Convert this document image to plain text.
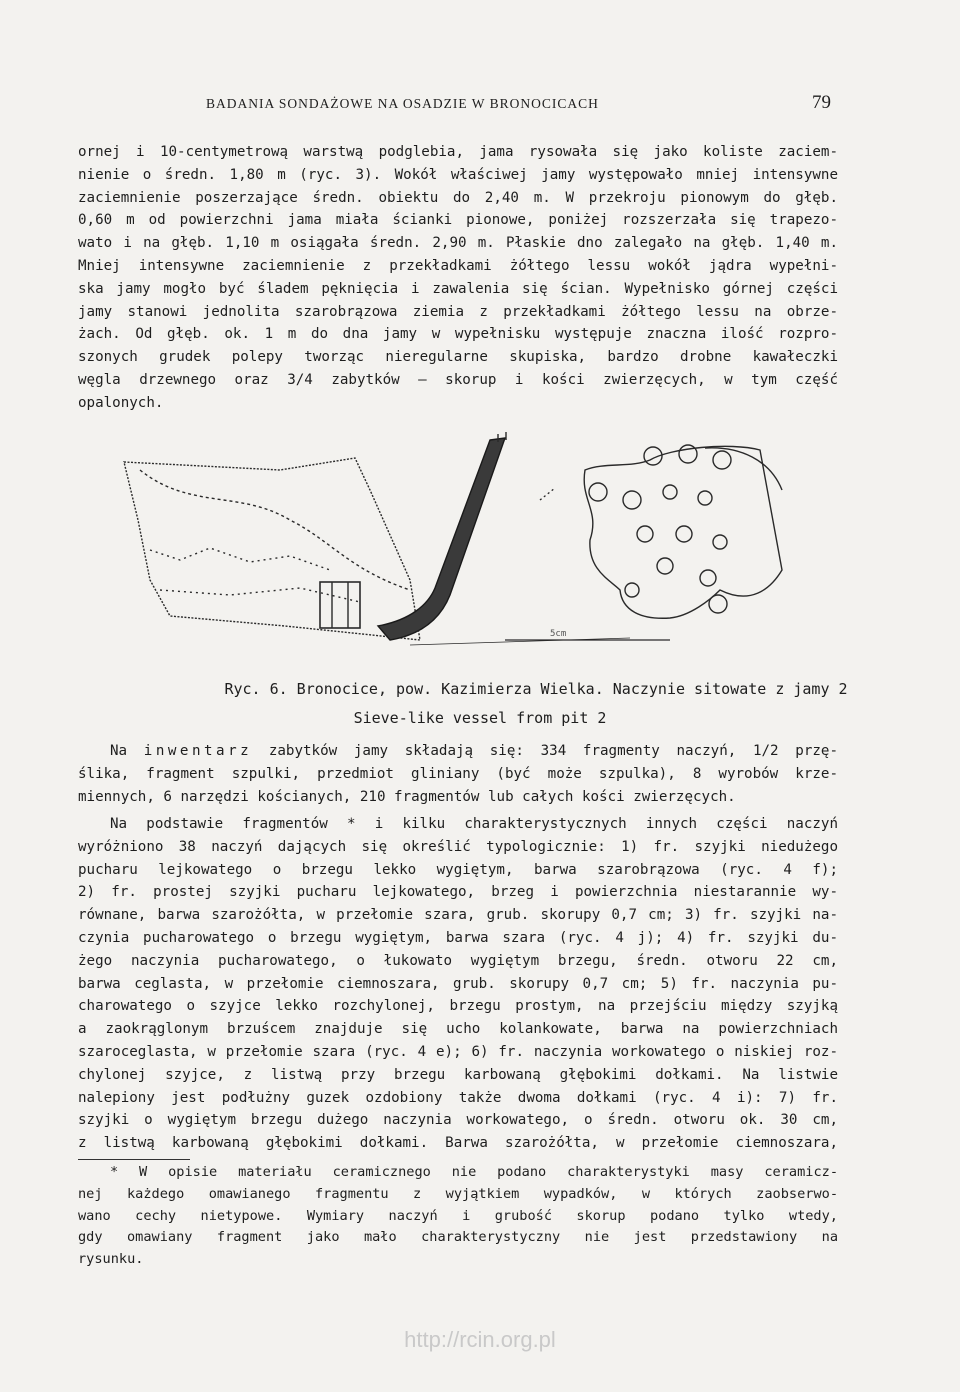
BADANIA SONDAŻOWE NA OSADZIE W BRONOCICACH	79
ornej i 10-centymetrową warstwą podglebia, jama rysowała się jako koliste zaciem-
nienie o średn. 1,80 m (ryc. 3). Wokół właściwej jamy występowało mniej intensywne
zaciemnienie poszerzające średn. obiektu do 2,40 m. W przekroju pionowym do głęb.
0,60 m od powierzchni jama miała ścianki pionowe, poniżej rozszerzała się trapezo-
wato i na głęb. 1,10 m osiągała średn. 2,90 m. Płaskie dno zalegało na głęb. 1,40 m.
Mniej intensywne zaciemnienie z przekładkami żółtego lessu wokół jądra wypełni-
ska jamy mogło być śladem pęknięcia i zawalenia się ścian. Wypełnisko górnej części
jamy stanowi jednolita szarobrązowa ziemia z przekładkami żółtego lessu na obrze-
żach. Od głęb. ok. 1 m do dna jamy w wypełnisku występuje znaczna ilość rozpro-
szonych grudek polepy tworząc nieregularne skupiska, bardzo drobne kawałeczki
węgla drzewnego oraz 3/4 zabytków — skorup i kości zwierzęcych, w tym część
opalonych.
5cm
Ryc. 6. Bronocice, pow. Kazimierza Wielka. Naczynie sitowate z jamy 2
Sieve-like vessel from pit 2
Na inwentarz zabytków jamy składają się: 334 fragmenty naczyń, 1/2 przę-
ślika, fragment szpulki, przedmiot gliniany (być może szpulka), 8 wyrobów krze-
miennych, 6 narzędzi kościanych, 210 fragmentów lub całych kości zwierzęcych.
Na podstawie fragmentów * i kilku charakterystycznych innych części naczyń
wyróżniono 38 naczyń dających się określić typologicznie: 1) fr. szyjki niedużego
pucharu lejkowatego o brzegu lekko wygiętym, barwa szarobrązowa (ryc. 4 f);
2) fr. prostej szyjki pucharu lejkowatego, brzeg i powierzchnia niestarannie wy-
równane, barwa szarożółta, w przełomie szara, grub. skorupy 0,7 cm; 3) fr. szyjki na-
czynia pucharowatego o brzegu wygiętym, barwa szara (ryc. 4 j); 4) fr. szyjki du-
żego naczynia pucharowatego, o łukowato wygiętym brzegu, średn. otworu 22 cm,
barwa ceglasta, w przełomie ciemnoszara, grub. skorupy 0,7 cm; 5) fr. naczynia pu-
charowatego o szyjce lekko rozchylonej, brzegu prostym, na przejściu między szyjką
a zaokrąglonym brzuścem znajduje się ucho kolankowate, barwa na powierzchniach
szaroceglasta, w przełomie szara (ryc. 4 e); 6) fr. naczynia workowatego o niskiej roz-
chylonej szyjce, z listwą przy brzegu karbowaną głębokimi dołkami. Na listwie
nalepiony jest podłużny guzek ozdobiony także dwoma dołkami (ryc. 4 i): 7) fr.
szyjki o wygiętym brzegu dużego naczynia workowatego, o średn. otworu ok. 30 cm,
z listwą karbowaną głębokimi dołkami. Barwa szarożółta, w przełomie ciemnoszara,
* W opisie materiału ceramicznego nie podano charakterystyki masy ceramicz-
nej każdego omawianego fragmentu z wyjątkiem wypadków, w których zaobserwo-
wano cechy nietypowe. Wymiary naczyń i grubość skorup podano tylko wtedy,
gdy omawiany fragment jako mało charakterystyczny nie jest przedstawiony na
rysunku.
http://rcin.org.pl
